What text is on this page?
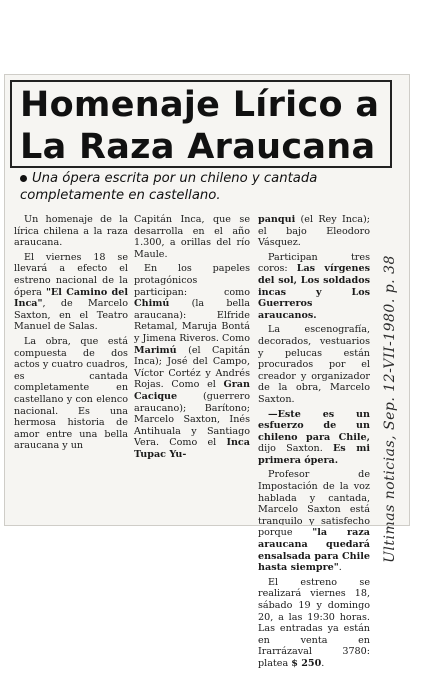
Homenaje Lírico a
La Raza Araucana
Una ópera escrita por un chileno y cantada completamente en castellano.

Un homenaje de la lírica chilena a la raza araucana.

El viernes 18 se llevará a efecto el estreno nacional de la ópera "El Camino del Inca", de Marcelo Saxton, en el Teatro Manuel de Salas.

La obra, que está compuesta de dos actos y cuatro cuadros, es cantada completamente en castellano y con elenco nacional. Es una hermosa historia de amor entre una bella araucana y un

Capitán Inca, que se desarrolla en el año 1.300, a orillas del río Maule.

En los papeles protagónicos participan: como Chimú (la bella araucana): Elfride Retamal, Maruja Bontá y Jimena Riveros. Como Marimú (el Capitán Inca); José del Campo, Víctor Cortéz y Andrés Rojas. Como el Gran Cacique (guerrero araucano); Barítono; Marcelo Saxton, Inés Antihuala y Santiago Vera. Como el Inca Tupac Yu-

panqui (el Rey Inca); el bajo Eleodoro Vásquez.

Participan tres coros: Las vírgenes del sol, Los soldados incas y Los Guerreros araucanos.

La escenografía, decorados, vestuarios y pelucas están procurados por el creador y organizador de la obra, Marcelo Saxton.

—Este es un esfuerzo de un chileno para Chile, dijo Saxton. Es mi primera ópera.

Profesor de Impostación de la voz hablada y cantada, Marcelo Saxton está tranquilo y satisfecho porque "la raza araucana quedará ensalsada para Chile hasta siempre".

El estreno se realizará viernes 18, sábado 19 y domingo 20, a las 19:30 horas. Las entradas ya están en venta en Irarrázaval 3780: platea $ 250.

Ultimas noticias, Sep. 12-VII-1980. p. 38
